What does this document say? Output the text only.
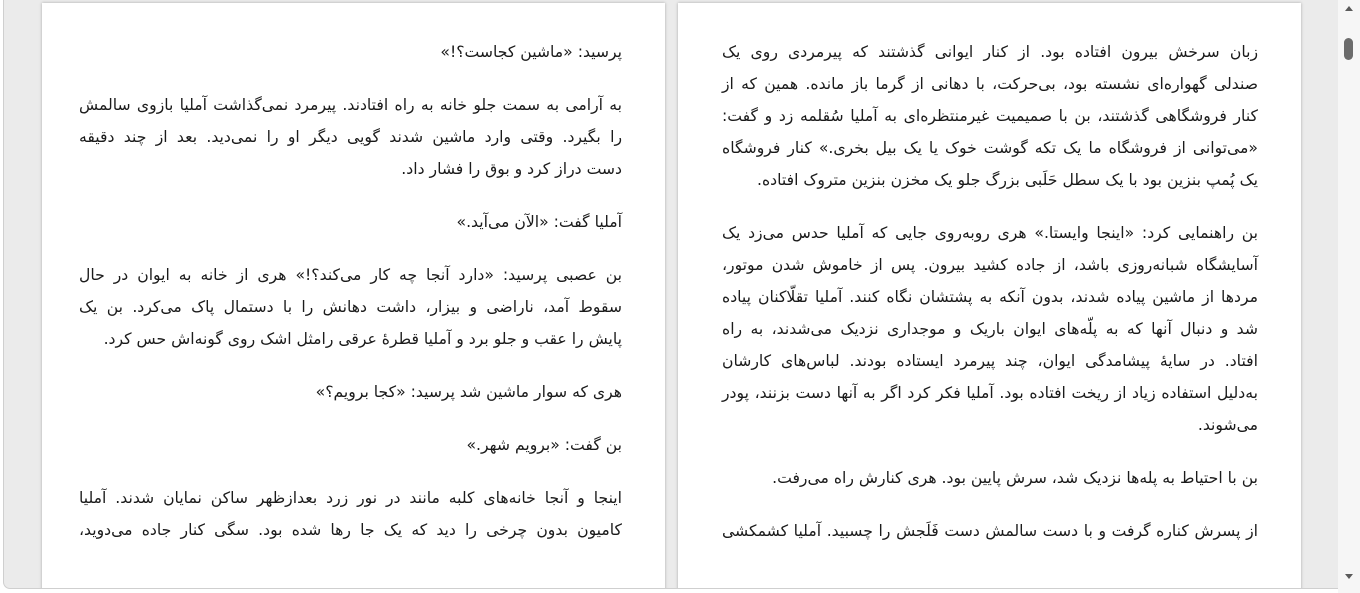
زبان سرخش بیرون افتاده بود. از کنار ایوانی گذشتند که پیرمردی روی یک
صندلی گهواره‌ای نشسته بود، بی‌حرکت، با دهانی از گرما باز مانده. همین که از
کنار فروشگاهی گذشتند، بن با صمیمیت غیرمنتظره‌ای به آملیا سُقلمه زد و گفت:
«می‌توانی از فروشگاه ما یک تکه گوشت خوک یا یک بیل بخری.» کنار فروشگاه
یک پُمپ بنزین بود با یک سطل حَلَبی بزرگ جلو یک مخزن بنزین متروک افتاده.
بن راهنمایی کرد: «اینجا وایستا.» هری روبه‌روی جایی که آملیا حدس می‌زد یک
آسایشگاه شبانه‌روزی باشد، از جاده کشید بیرون. پس از خاموش شدن موتور،
مردها از ماشین پیاده شدند، بدون آنکه به پشتشان نگاه کنند. آملیا تقلّاکنان پیاده
شد و دنبال آنها که به پلّه‌های ایوان باریک و موجداری نزدیک می‌شدند، به راه
افتاد. در سایهٔ پیشامدگی ایوان، چند پیرمرد ایستاده بودند. لباس‌های کارشان
به‌دلیل استفاده زیاد از ریخت افتاده بود. آملیا فکر کرد اگر به آنها دست بزنند، پودر
می‌شوند.
بن با احتیاط به پله‌ها نزدیک شد، سرش پایین بود. هری کنارش راه می‌رفت.
از پسرش کناره گرفت و با دست سالمش دست فَلَجش را چسبید. آملیا کشمکشی
پرسید: «ماشین کجاست؟!»
به آرامی به سمت جلو خانه به راه افتادند. پیرمرد نمی‌گذاشت آملیا بازوی سالمش
را بگیرد. وقتی وارد ماشین شدند گویی دیگر او را نمی‌دید. بعد از چند دقیقه
دست دراز کرد و بوق را فشار داد.
آملیا گفت: «الآن می‌آید.»
بن عصبی پرسید: «دارد آنجا چه کار می‌کند؟!» هری از خانه به ایوان در حال
سقوط آمد، ناراضی و بیزار، داشت دهانش را با دستمال پاک می‌کرد. بن یک
پایش را عقب و جلو برد و آملیا قطرهٔ عرقی رامثل اشک روی گونه‌اش حس کرد.
هری که سوار ماشین شد پرسید: «کجا برویم؟»
بن گفت: «برویم شهر.»
اینجا و آنجا خانه‌های کلبه مانند در نور زرد بعدازظهر ساکن نمایان شدند. آملیا
کامیون بدون چرخی را دید که یک جا رها شده بود. سگی کنار جاده می‌دوید،
